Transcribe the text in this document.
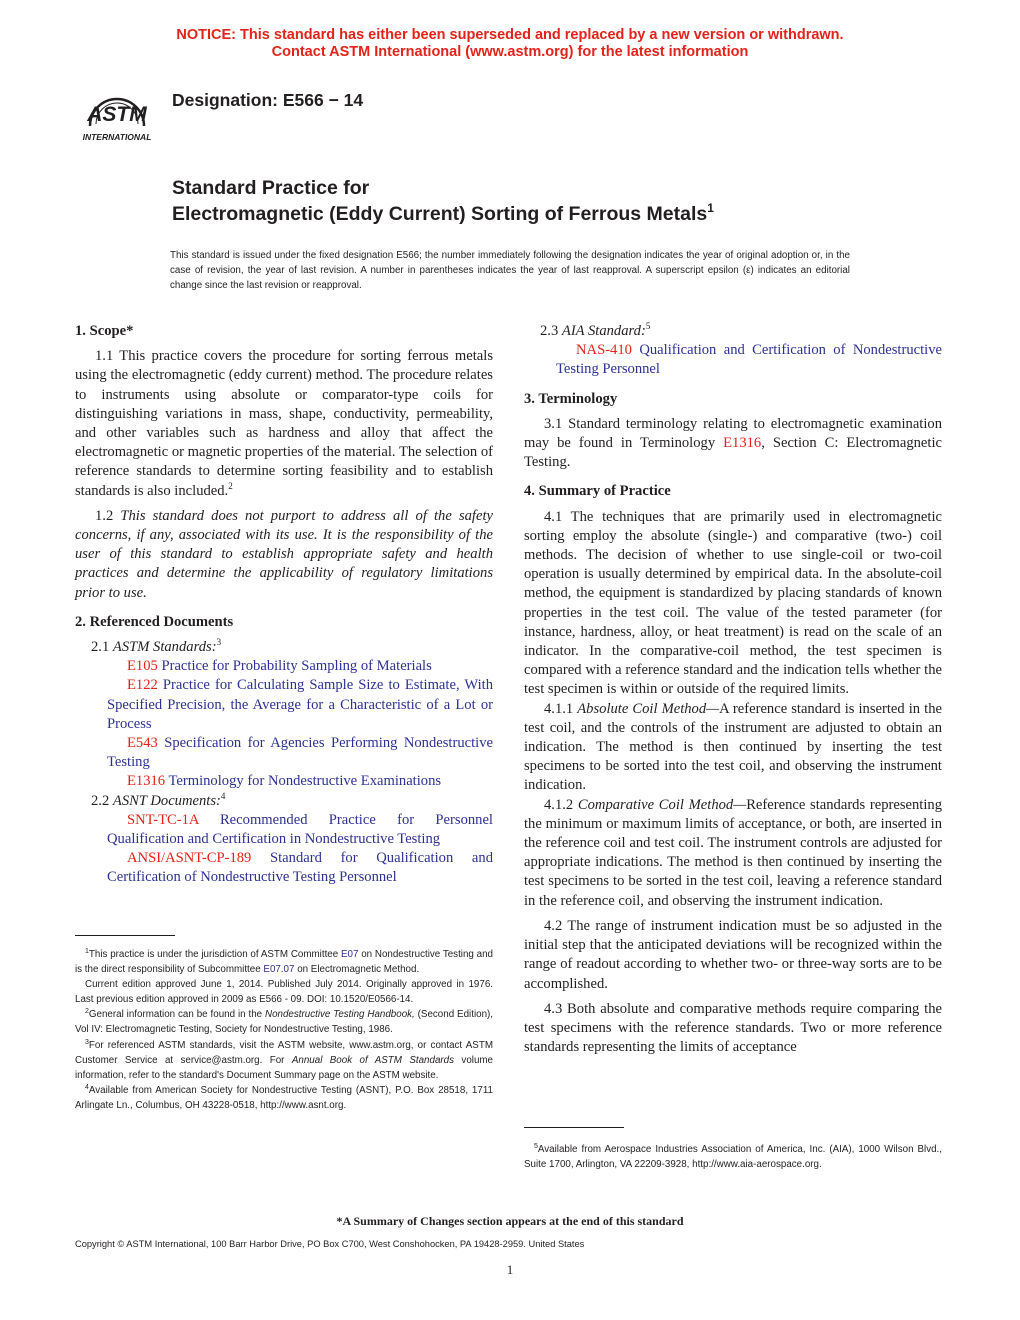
NOTICE: This standard has either been superseded and replaced by a new version or withdrawn.
Contact ASTM International (www.astm.org) for the latest information
ASTM
INTERNATIONAL
Designation: E566 − 14
Standard Practice for
Electromagnetic (Eddy Current) Sorting of Ferrous Metals$^1$
This standard is issued under the fixed designation E566; the number immediately following the designation indicates the year of original adoption or, in the case of revision, the year of last revision. A number in parentheses indicates the year of last reapproval. A superscript epsilon (ε) indicates an editorial change since the last revision or reapproval.
1. Scope*

1.1 This practice covers the procedure for sorting ferrous metals using the electromagnetic (eddy current) method. The procedure relates to instruments using absolute or comparator-type coils for distinguishing variations in mass, shape, conductivity, permeability, and other variables such as hardness and alloy that affect the electromagnetic or magnetic properties of the material. The selection of reference standards to determine sorting feasibility and to establish standards is also included.$^2$

1.2 This standard does not purport to address all of the safety concerns, if any, associated with its use. It is the responsibility of the user of this standard to establish appropriate safety and health practices and determine the applicability of regulatory limitations prior to use.

2. Referenced Documents
2.1 ASTM Standards:$^3$

E105 Practice for Probability Sampling of Materials

E122 Practice for Calculating Sample Size to Estimate, With Specified Precision, the Average for a Characteristic of a Lot or Process

E543 Specification for Agencies Performing Nondestructive Testing

E1316 Terminology for Nondestructive Examinations

2.2 ASNT Documents:$^4$

SNT-TC-1A Recommended Practice for Personnel Qualification and Certification in Nondestructive Testing

ANSI/ASNT-CP-189 Standard for Qualification and Certification of Nondestructive Testing Personnel

2.3 AIA Standard:$^5$

NAS-410 Qualification and Certification of Nondestructive Testing Personnel

3. Terminology

3.1 Standard terminology relating to electromagnetic examination may be found in Terminology E1316, Section C: Electromagnetic Testing.

4. Summary of Practice

4.1 The techniques that are primarily used in electromagnetic sorting employ the absolute (single-) and comparative (two-) coil methods. The decision of whether to use single-coil or two-coil operation is usually determined by empirical data. In the absolute-coil method, the equipment is standardized by placing standards of known properties in the test coil. The value of the tested parameter (for instance, hardness, alloy, or heat treatment) is read on the scale of an indicator. In the comparative-coil method, the test specimen is compared with a reference standard and the indication tells whether the test specimen is within or outside of the required limits.

4.1.1 Absolute Coil Method—A reference standard is inserted in the test coil, and the controls of the instrument are adjusted to obtain an indication. The method is then continued by inserting the test specimens to be sorted into the test coil, and observing the instrument indication.

4.1.2 Comparative Coil Method—Reference standards representing the minimum or maximum limits of acceptance, or both, are inserted in the reference coil and test coil. The instrument controls are adjusted for appropriate indications. The method is then continued by inserting the test specimens to be sorted in the test coil, leaving a reference standard in the reference coil, and observing the instrument indication.

4.2 The range of instrument indication must be so adjusted in the initial step that the anticipated deviations will be recognized within the range of readout according to whether two- or three-way sorts are to be accomplished.

4.3 Both absolute and comparative methods require comparing the test specimens with the reference standards. Two or more reference standards representing the limits of acceptance

$^1$This practice is under the jurisdiction of ASTM Committee E07 on Nondestructive Testing and is the direct responsibility of Subcommittee E07.07 on Electromagnetic Method.

Current edition approved June 1, 2014. Published July 2014. Originally approved in 1976. Last previous edition approved in 2009 as E566 - 09. DOI: 10.1520/E0566-14.

$^2$General information can be found in the Nondestructive Testing Handbook, (Second Edition), Vol IV: Electromagnetic Testing, Society for Nondestructive Testing, 1986.

$^3$For referenced ASTM standards, visit the ASTM website, www.astm.org, or contact ASTM Customer Service at service@astm.org. For Annual Book of ASTM Standards volume information, refer to the standard's Document Summary page on the ASTM website.

$^4$Available from American Society for Nondestructive Testing (ASNT), P.O. Box 28518, 1711 Arlingate Ln., Columbus, OH 43228-0518, http://www.asnt.org.

$^5$Available from Aerospace Industries Association of America, Inc. (AIA), 1000 Wilson Blvd., Suite 1700, Arlington, VA 22209-3928, http://www.aia-aerospace.org.

*A Summary of Changes section appears at the end of this standard
Copyright © ASTM International, 100 Barr Harbor Drive, PO Box C700, West Conshohocken, PA 19428-2959. United States
1
